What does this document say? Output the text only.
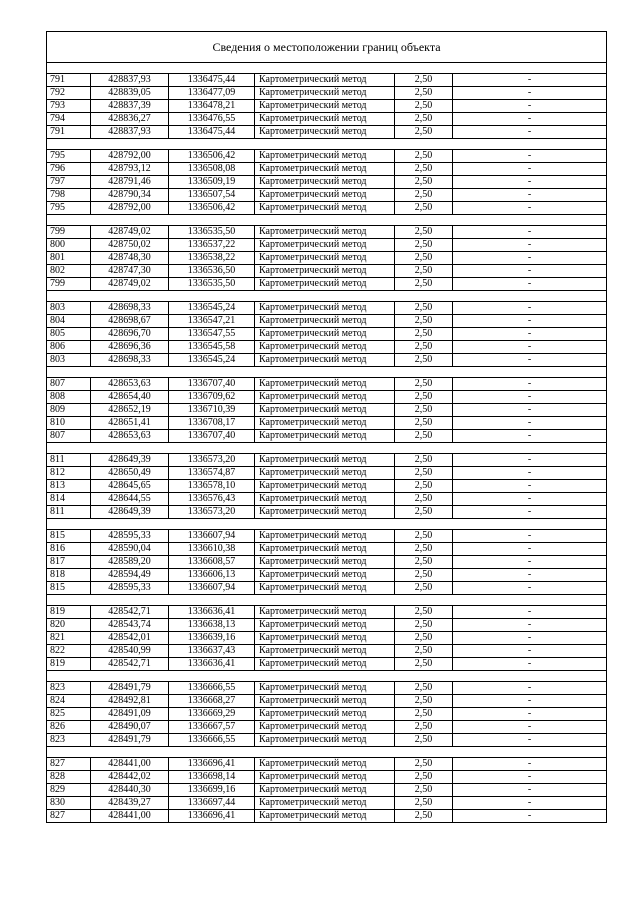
Сведения о местоположении границ объекта					

791	428837,93	1336475,44	Картометрический метод	2,50	-
792	428839,05	1336477,09	Картометрический метод	2,50	-
793	428837,39	1336478,21	Картометрический метод	2,50	-
794	428836,27	1336476,55	Картометрический метод	2,50	-
791	428837,93	1336475,44	Картометрический метод	2,50	-

795	428792,00	1336506,42	Картометрический метод	2,50	-
796	428793,12	1336508,08	Картометрический метод	2,50	-
797	428791,46	1336509,19	Картометрический метод	2,50	-
798	428790,34	1336507,54	Картометрический метод	2,50	-
795	428792,00	1336506,42	Картометрический метод	2,50	-

799	428749,02	1336535,50	Картометрический метод	2,50	-
800	428750,02	1336537,22	Картометрический метод	2,50	-
801	428748,30	1336538,22	Картометрический метод	2,50	-
802	428747,30	1336536,50	Картометрический метод	2,50	-
799	428749,02	1336535,50	Картометрический метод	2,50	-

803	428698,33	1336545,24	Картометрический метод	2,50	-
804	428698,67	1336547,21	Картометрический метод	2,50	-
805	428696,70	1336547,55	Картометрический метод	2,50	-
806	428696,36	1336545,58	Картометрический метод	2,50	-
803	428698,33	1336545,24	Картометрический метод	2,50	-

807	428653,63	1336707,40	Картометрический метод	2,50	-
808	428654,40	1336709,62	Картометрический метод	2,50	-
809	428652,19	1336710,39	Картометрический метод	2,50	-
810	428651,41	1336708,17	Картометрический метод	2,50	-
807	428653,63	1336707,40	Картометрический метод	2,50	-

811	428649,39	1336573,20	Картометрический метод	2,50	-
812	428650,49	1336574,87	Картометрический метод	2,50	-
813	428645,65	1336578,10	Картометрический метод	2,50	-
814	428644,55	1336576,43	Картометрический метод	2,50	-
811	428649,39	1336573,20	Картометрический метод	2,50	-

815	428595,33	1336607,94	Картометрический метод	2,50	-
816	428590,04	1336610,38	Картометрический метод	2,50	-
817	428589,20	1336608,57	Картометрический метод	2,50	-
818	428594,49	1336606,13	Картометрический метод	2,50	-
815	428595,33	1336607,94	Картометрический метод	2,50	-

819	428542,71	1336636,41	Картометрический метод	2,50	-
820	428543,74	1336638,13	Картометрический метод	2,50	-
821	428542,01	1336639,16	Картометрический метод	2,50	-
822	428540,99	1336637,43	Картометрический метод	2,50	-
819	428542,71	1336636,41	Картометрический метод	2,50	-

823	428491,79	1336666,55	Картометрический метод	2,50	-
824	428492,81	1336668,27	Картометрический метод	2,50	-
825	428491,09	1336669,29	Картометрический метод	2,50	-
826	428490,07	1336667,57	Картометрический метод	2,50	-
823	428491,79	1336666,55	Картометрический метод	2,50	-

827	428441,00	1336696,41	Картометрический метод	2,50	-
828	428442,02	1336698,14	Картометрический метод	2,50	-
829	428440,30	1336699,16	Картометрический метод	2,50	-
830	428439,27	1336697,44	Картометрический метод	2,50	-
827	428441,00	1336696,41	Картометрический метод	2,50	-
